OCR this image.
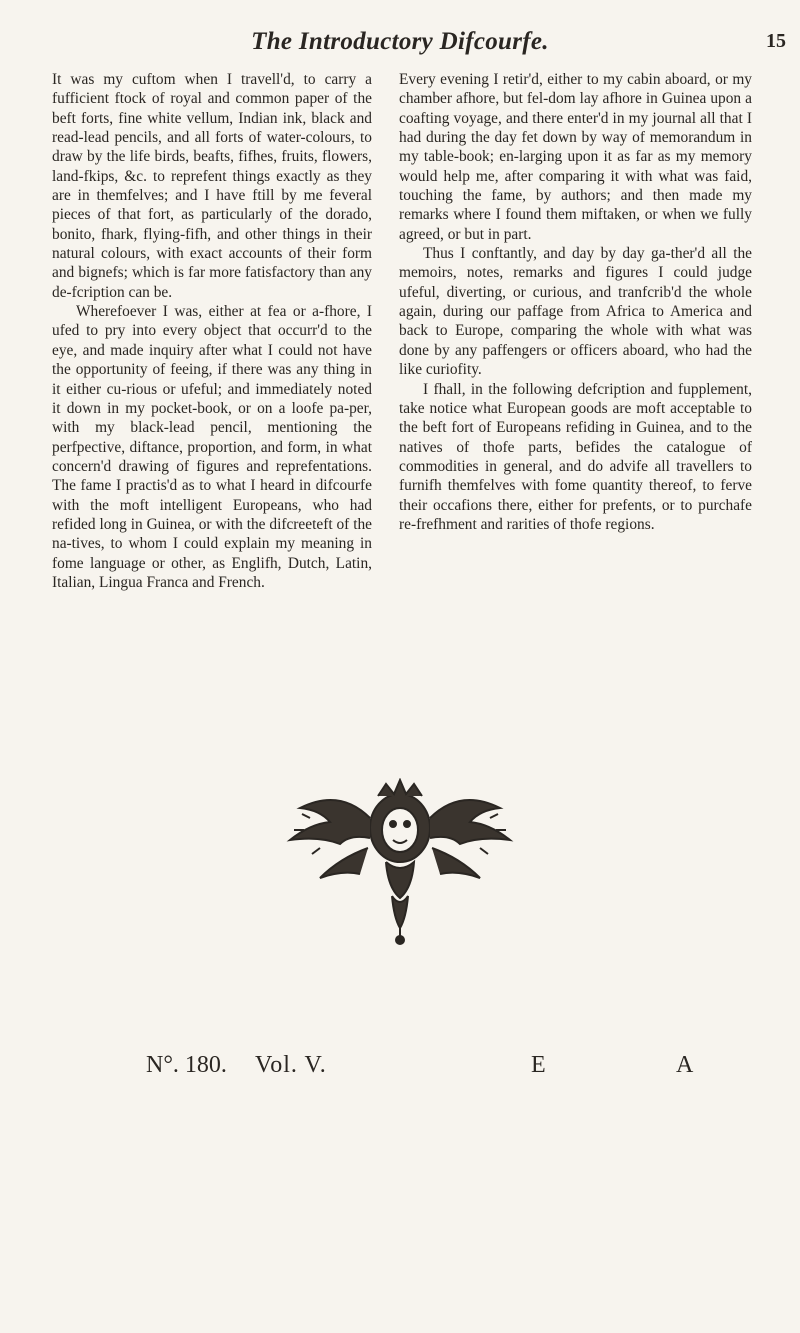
The Introductory Difcourfe.	15

It was my cuftom when I travell'd, to carry a fufficient ftock of royal and common paper of the beft forts, fine white vellum, Indian ink, black and read-lead pencils, and all forts of water-colours, to draw by the life birds, beafts, fifhes, fruits, flowers, land-fkips, &c. to reprefent things exactly as they are in themfelves; and I have ftill by me feveral pieces of that fort, as particularly of the dorado, bonito, fhark, flying-fifh, and other things in their natural colours, with exact accounts of their form and bignefs; which is far more fatisfactory than any de-fcription can be.

Wherefoever I was, either at fea or a-fhore, I ufed to pry into every object that occurr'd to the eye, and made inquiry after what I could not have the opportunity of feeing, if there was any thing in it either cu-rious or ufeful; and immediately noted it down in my pocket-book, or on a loofe pa-per, with my black-lead pencil, mentioning the perfpective, diftance, proportion, and form, in what concern'd drawing of figures and reprefentations. The fame I practis'd as to what I heard in difcourfe with the moft intelligent Europeans, who had refided long in Guinea, or with the difcreeteft of the na-tives, to whom I could explain my meaning in fome language or other, as Englifh, Dutch, Latin, Italian, Lingua Franca and French.

Every evening I retir'd, either to my cabin aboard, or my chamber afhore, but fel-dom lay afhore in Guinea upon a coafting voyage, and there enter'd in my journal all that I had during the day fet down by way of memorandum in my table-book; en-larging upon it as far as my memory would help me, after comparing it with what was faid, touching the fame, by authors; and then made my remarks where I found them miftaken, or when we fully agreed, or but in part.

Thus I conftantly, and day by day ga-ther'd all the memoirs, notes, remarks and figures I could judge ufeful, diverting, or curious, and tranfcrib'd the whole again, during our paffage from Africa to America and back to Europe, comparing the whole with what was done by any paffengers or officers aboard, who had the like curiofity.

I fhall, in the following defcription and fupplement, take notice what European goods are moft acceptable to the beft fort of Europeans refiding in Guinea, and to the natives of thofe parts, befides the catalogue of commodities in general, and do advife all travellers to furnifh themfelves with fome quantity thereof, to ferve their occafions there, either for prefents, or to purchafe re-frefhment and rarities of thofe regions.

N°. 180. Vol. V.	E	A
